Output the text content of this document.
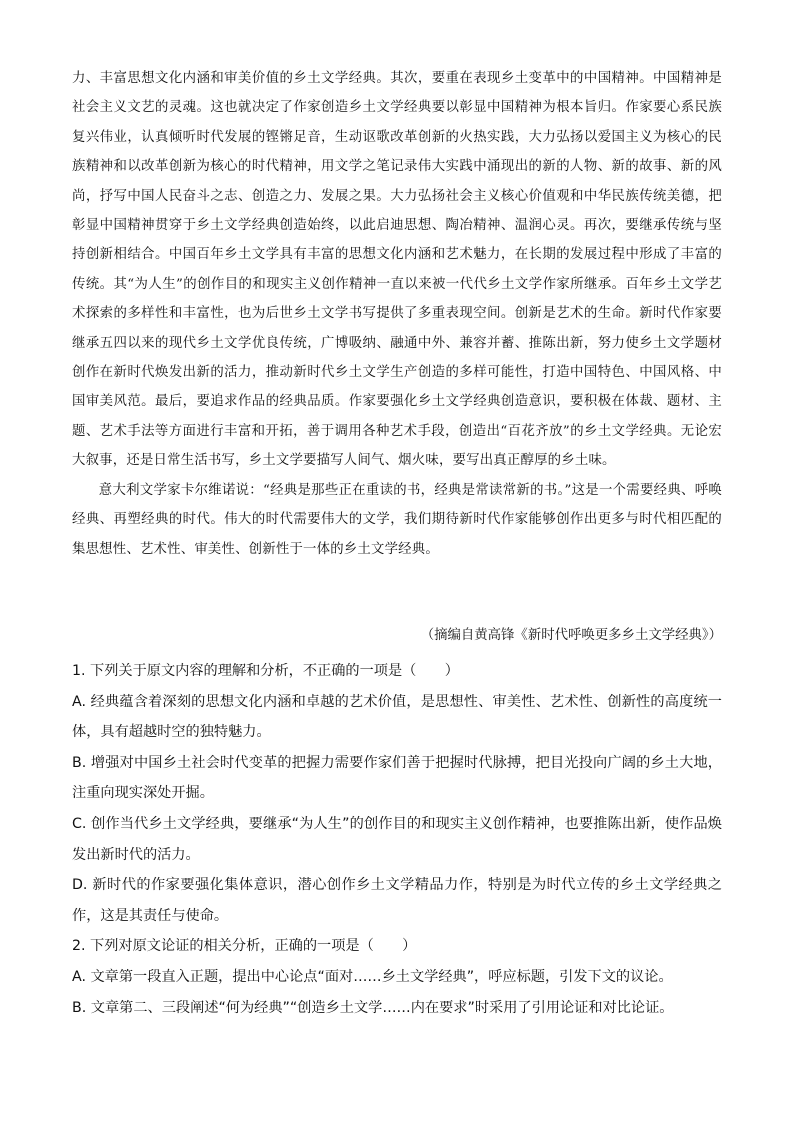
力、丰富思想文化内涵和审美价值的乡土文学经典。其次，要重在表现乡土变革中的中国精神。中国精神是社会主义文艺的灵魂。这也就决定了作家创造乡土文学经典要以彰显中国精神为根本旨归。作家要心系民族复兴伟业，认真倾听时代发展的铿锵足音，生动讴歌改革创新的火热实践，大力弘扬以爱国主义为核心的民族精神和以改革创新为核心的时代精神，用文学之笔记录伟大实践中涌现出的新的人物、新的故事、新的风尚，抒写中国人民奋斗之志、创造之力、发展之果。大力弘扬社会主义核心价值观和中华民族传统美德，把彰显中国精神贯穿于乡土文学经典创造始终，以此启迪思想、陶冶精神、温润心灵。再次，要继承传统与坚持创新相结合。中国百年乡土文学具有丰富的思想文化内涵和艺术魅力，在长期的发展过程中形成了丰富的传统。其“为人生”的创作目的和现实主义创作精神一直以来被一代代乡土文学作家所继承。百年乡土文学艺术探索的多样性和丰富性，也为后世乡土文学书写提供了多重表现空间。创新是艺术的生命。新时代作家要继承五四以来的现代乡土文学优良传统，广博吸纳、融通中外、兼容并蓄、推陈出新，努力使乡土文学题材创作在新时代焕发出新的活力，推动新时代乡土文学生产创造的多样可能性，打造中国特色、中国风格、中国审美风范。最后，要追求作品的经典品质。作家要强化乡土文学经典创造意识，要积极在体裁、题材、主题、艺术手法等方面进行丰富和开拓，善于调用各种艺术手段，创造出“百花齐放”的乡土文学经典。无论宏大叙事，还是日常生活书写，乡土文学要描写人间气、烟火味，要写出真正醇厚的乡土味。

意大利文学家卡尔维诺说：“经典是那些正在重读的书，经典是常读常新的书。”这是一个需要经典、呼唤经典、再塑经典的时代。伟大的时代需要伟大的文学，我们期待新时代作家能够创作出更多与时代相匹配的集思想性、艺术性、审美性、创新性于一体的乡土文学经典。

（摘编自黄高锋《新时代呼唤更多乡土文学经典》）

1. 下列关于原文内容的理解和分析，不正确的一项是（　　）

A. 经典蕴含着深刻的思想文化内涵和卓越的艺术价值，是思想性、审美性、艺术性、创新性的高度统一体，具有超越时空的独特魅力。

B. 增强对中国乡土社会时代变革的把握力需要作家们善于把握时代脉搏，把目光投向广阔的乡土大地，注重向现实深处开掘。

C. 创作当代乡土文学经典，要继承“为人生”的创作目的和现实主义创作精神，也要推陈出新，使作品焕发出新时代的活力。

D. 新时代的作家要强化集体意识，潜心创作乡土文学精品力作，特别是为时代立传的乡土文学经典之作，这是其责任与使命。

2. 下列对原文论证的相关分析，正确的一项是（　　）

A. 文章第一段直入正题，提出中心论点“面对……乡土文学经典”，呼应标题，引发下文的议论。

B. 文章第二、三段阐述“何为经典”“创造乡土文学……内在要求”时采用了引用论证和对比论证。
